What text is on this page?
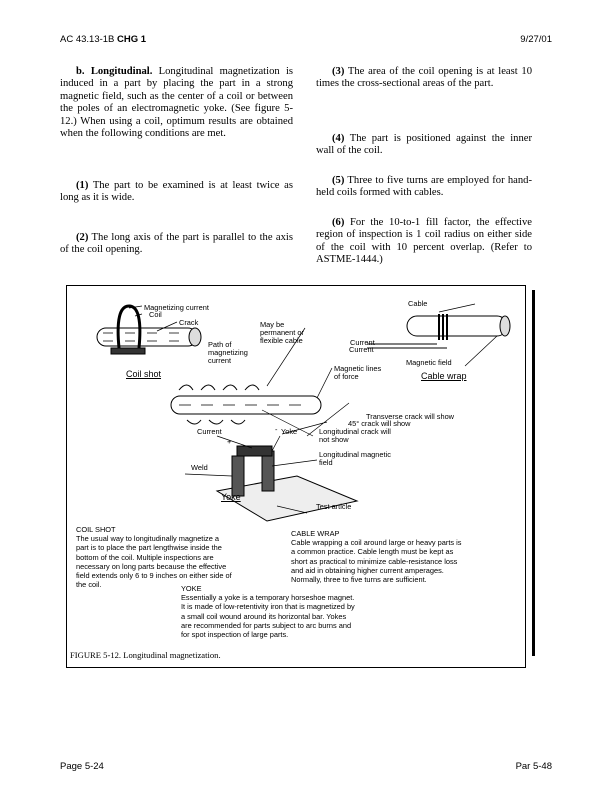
AC 43.13-1B CHG 1	9/27/01

b. Longitudinal. Longitudinal magnetization is induced in a part by placing the part in a strong magnetic field, such as the center of a coil or between the poles of an electromagnetic yoke. (See figure 5-12.) When using a coil, optimum results are obtained when the following conditions are met.

(1) The part to be examined is at least twice as long as it is wide.

(2) The long axis of the part is parallel to the axis of the coil opening.

(3) The area of the coil opening is at least 10 times the cross-sectional areas of the part.

(4) The part is positioned against the inner wall of the coil.

(5) Three to five turns are employed for hand-held coils formed with cables.

(6) For the 10-to-1 fill factor, the effective region of inspection is 1 coil radius on either side of the coil with 10 percent overlap. (Refer to ASTME-1444.)

Magnetizing current
Coil
Crack
Coil shot
May be
permanent or
flexible cable
Path of
magnetizing
current
Cable
Current
Current
Magnetic field
Cable wrap
Magnetic lines
of force
Transverse crack will show
45° crack will show
Longitudinal crack will
not show
Current	Yoke
+
-
Longitudinal magnetic
field
Weld
Yoke
Test article

COIL SHOT
The usual way to longitudinally magnetize a
part is to place the part lengthwise inside the
bottom of the coil. Multiple inspections are
necessary on long parts because the effective
field extends only 6 to 9 inches on either side of
the coil.

CABLE WRAP
Cable wrapping a coil around large or heavy parts is
a common practice. Cable length must be kept as
short as practical to minimize cable-resistance loss
and aid in obtaining higher current amperages.
Normally, three to five turns are sufficient.

YOKE
Essentially a yoke is a temporary horseshoe magnet.
It is made of low-retentivity iron that is magnetized by
a small coil wound around its horizontal bar. Yokes
are recommended for parts subject to arc burns and
for spot inspection of large parts.

FIGURE 5-12. Longitudinal magnetization.
Page 5-24	Par 5-48
